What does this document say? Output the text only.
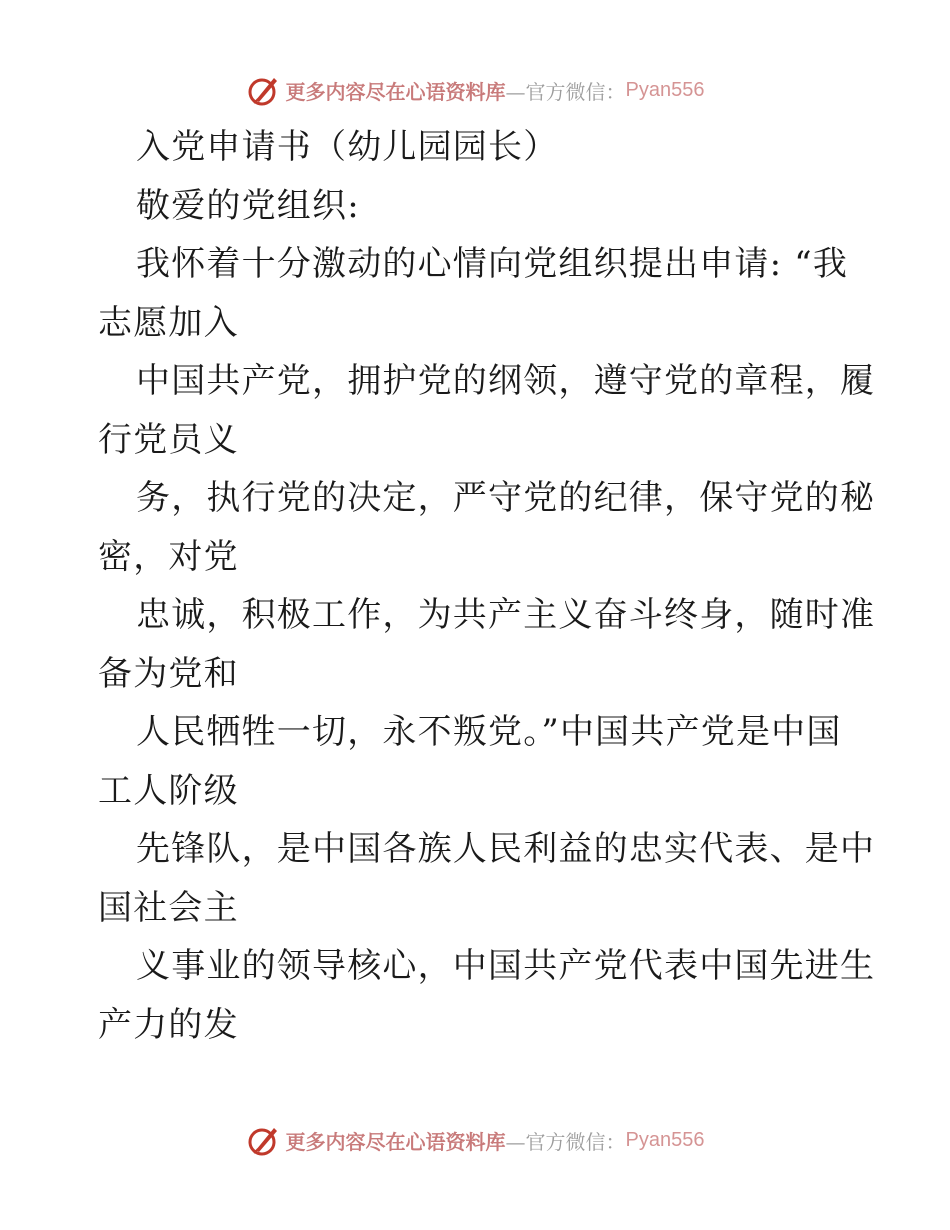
更多内容尽在心语资料库 —官方微信： Pyan556
入党申请书（幼儿园园长）
敬爱的党组织:
我怀着十分激动的心情向党组织提出申请: “我
志愿加入
中国共产党，拥护党的纲领，遵守党的章程，履
行党员义
务，执行党的决定，严守党的纪律，保守党的秘
密，对党
忠诚，积极工作，为共产主义奋斗终身，随时准
备为党和
人民牺牲一切，永不叛党。”中国共产党是中国
工人阶级
先锋队，是中国各族人民利益的忠实代表、是中
国社会主
义事业的领导核心，中国共产党代表中国先进生
产力的发
更多内容尽在心语资料库 —官方微信： Pyan556
